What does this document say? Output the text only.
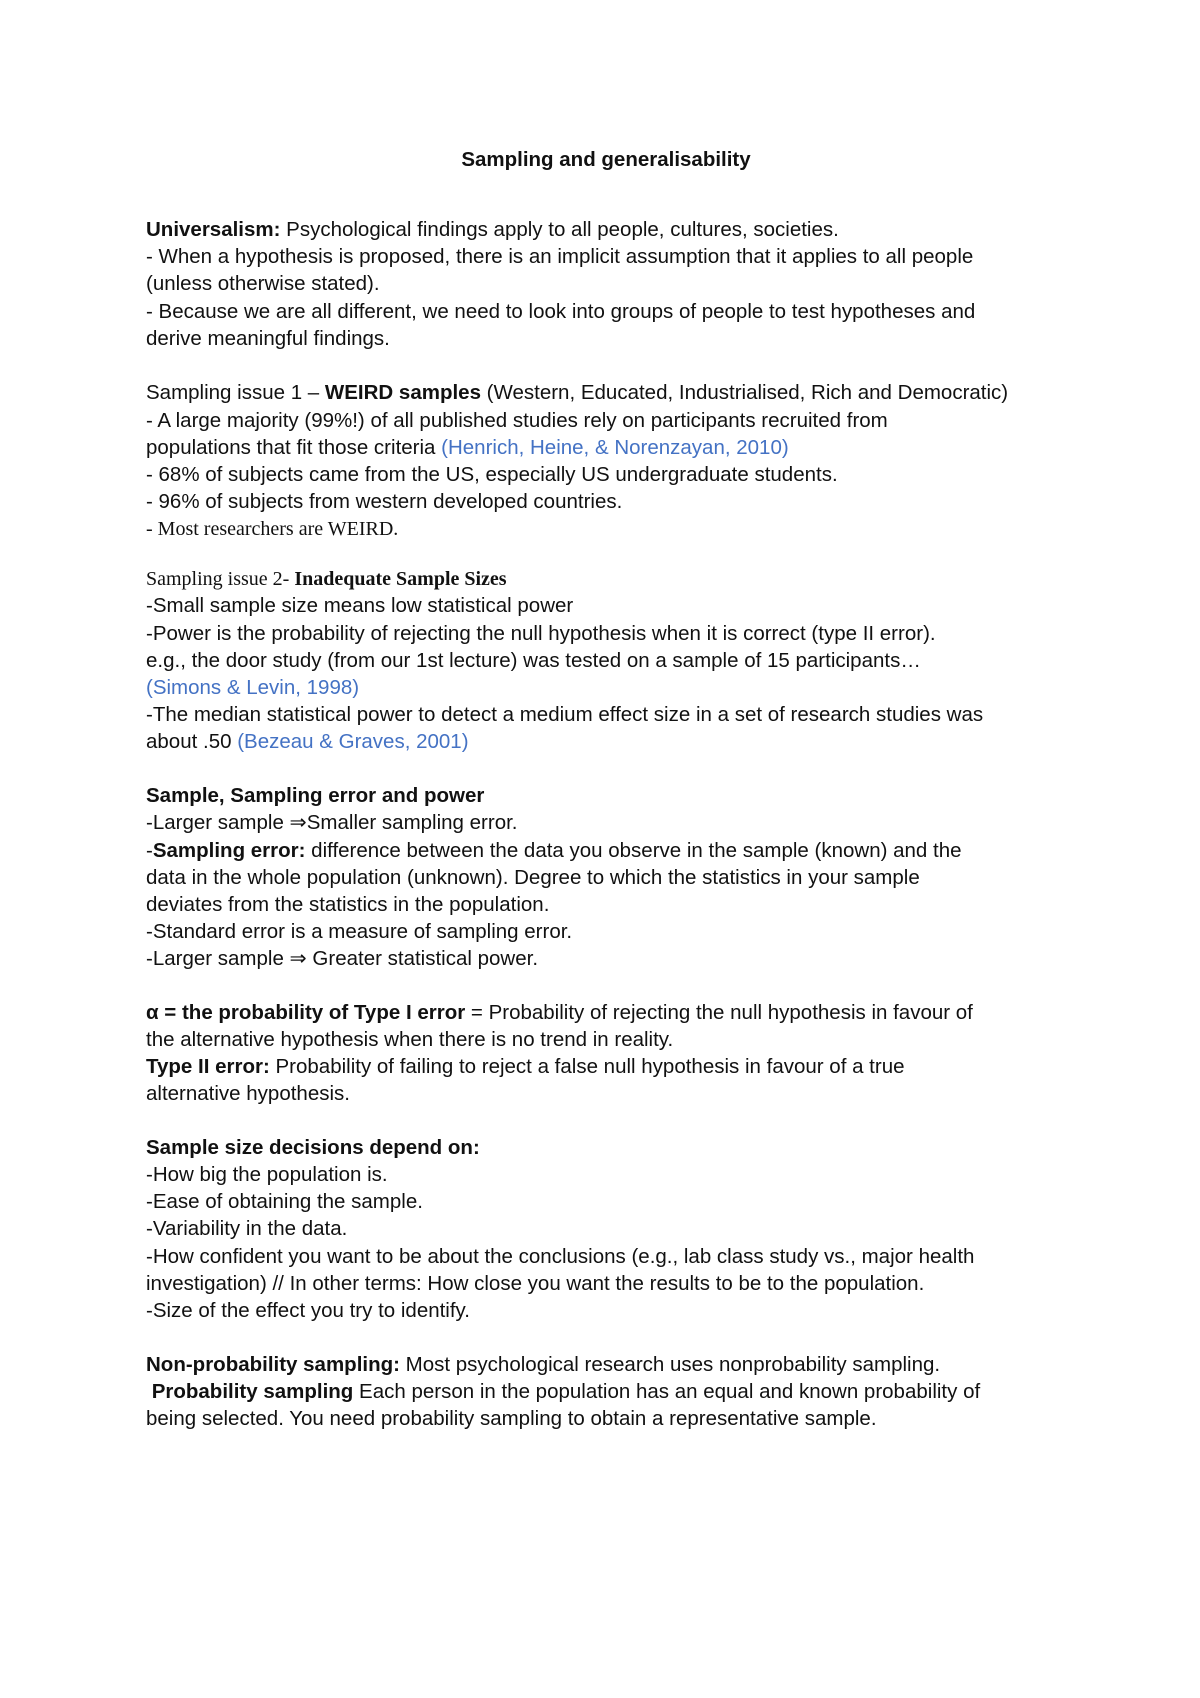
Sampling and generalisability

Universalism: Psychological findings apply to all people, cultures, societies.

- When a hypothesis is proposed, there is an implicit assumption that it applies to all people

(unless otherwise stated).

- Because we are all different, we need to look into groups of people to test hypotheses and

derive meaningful findings.

Sampling issue 1 – WEIRD samples (Western, Educated, Industrialised, Rich and Democratic)

- A large majority (99%!) of all published studies rely on participants recruited from

populations that fit those criteria (Henrich, Heine, & Norenzayan, 2010)

- 68% of subjects came from the US, especially US undergraduate students.

- 96% of subjects from western developed countries.

- Most researchers are WEIRD.

Sampling issue 2- Inadequate Sample Sizes

-Small sample size means low statistical power

-Power is the probability of rejecting the null hypothesis when it is correct (type II error).

e.g., the door study (from our 1st lecture) was tested on a sample of 15 participants…

(Simons & Levin, 1998)

-The median statistical power to detect a medium effect size in a set of research studies was

about .50 (Bezeau & Graves, 2001)

Sample, Sampling error and power

-Larger sample ⇒Smaller sampling error.

-Sampling error: difference between the data you observe in the sample (known) and the

data in the whole population (unknown). Degree to which the statistics in your sample

deviates from the statistics in the population.

-Standard error is a measure of sampling error.

-Larger sample ⇒ Greater statistical power.

α = the probability of Type I error = Probability of rejecting the null hypothesis in favour of

the alternative hypothesis when there is no trend in reality.

Type II error: Probability of failing to reject a false null hypothesis in favour of a true

alternative hypothesis.

Sample size decisions depend on:

-How big the population is.

-Ease of obtaining the sample.

-Variability in the data.

-How confident you want to be about the conclusions (e.g., lab class study vs., major health

investigation) // In other terms: How close you want the results to be to the population.

-Size of the effect you try to identify.

Non-probability sampling: Most psychological research uses nonprobability sampling.

Probability sampling Each person in the population has an equal and known probability of

being selected. You need probability sampling to obtain a representative sample.
